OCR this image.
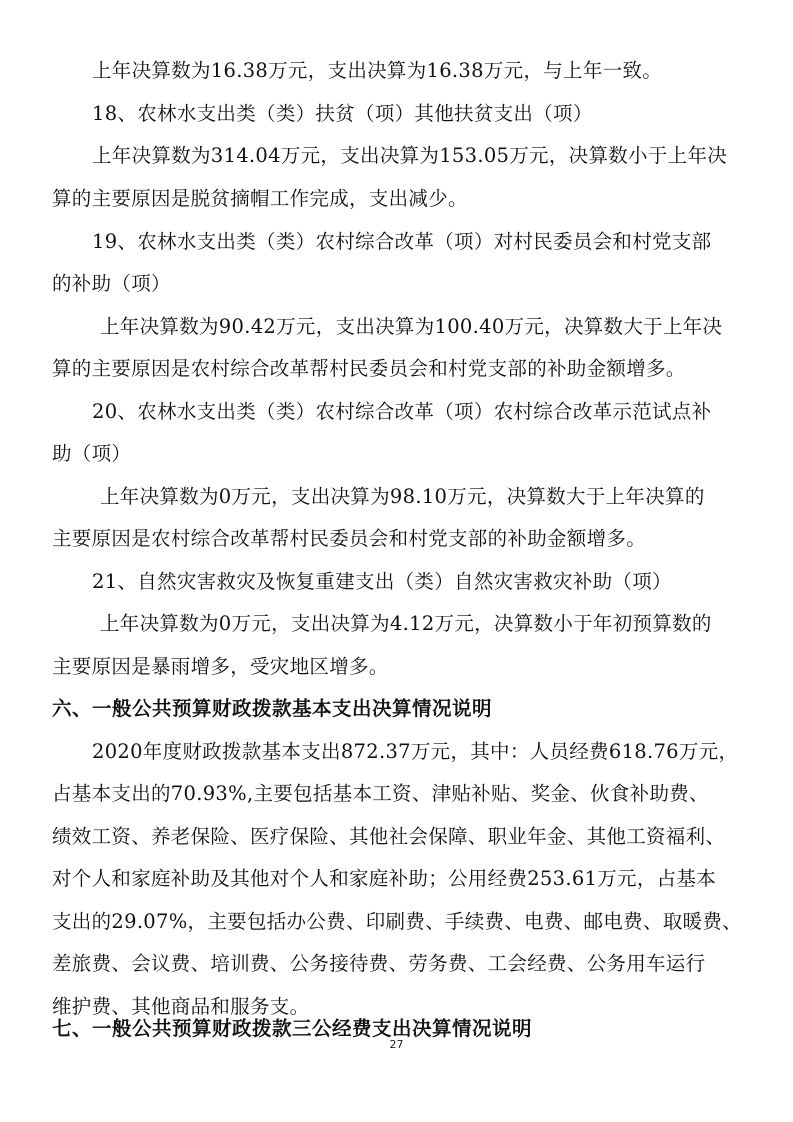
上年决算数为16.38万元，支出决算为16.38万元，与上年一致。
18、农林水支出类（类）扶贫（项）其他扶贫支出（项）
上年决算数为314.04万元，支出决算为153.05万元，决算数小于上年决
算的主要原因是脱贫摘帽工作完成，支出减少。
19、农林水支出类（类）农村综合改革（项）对村民委员会和村党支部
的补助（项）
上年决算数为90.42万元，支出决算为100.40万元，决算数大于上年决
算的主要原因是农村综合改革帮村民委员会和村党支部的补助金额增多。
20、农林水支出类（类）农村综合改革（项）农村综合改革示范试点补
助（项）
上年决算数为0万元，支出决算为98.10万元，决算数大于上年决算的
主要原因是农村综合改革帮村民委员会和村党支部的补助金额增多。
21、自然灾害救灾及恢复重建支出（类）自然灾害救灾补助（项）
上年决算数为0万元，支出决算为4.12万元，决算数小于年初预算数的
主要原因是暴雨增多，受灾地区增多。
六、一般公共预算财政拨款基本支出决算情况说明
2020年度财政拨款基本支出872.37万元，其中：人员经费618.76万元，
占基本支出的70.93%,主要包括基本工资、津贴补贴、奖金、伙食补助费、
绩效工资、养老保险、医疗保险、其他社会保障、职业年金、其他工资福利、
对个人和家庭补助及其他对个人和家庭补助；公用经费253.61万元，占基本
支出的29.07%，主要包括办公费、印刷费、手续费、电费、邮电费、取暖费、
差旅费、会议费、培训费、公务接待费、劳务费、工会经费、公务用车运行
维护费、其他商品和服务支。
七、一般公共预算财政拨款三公经费支出决算情况说明
27
